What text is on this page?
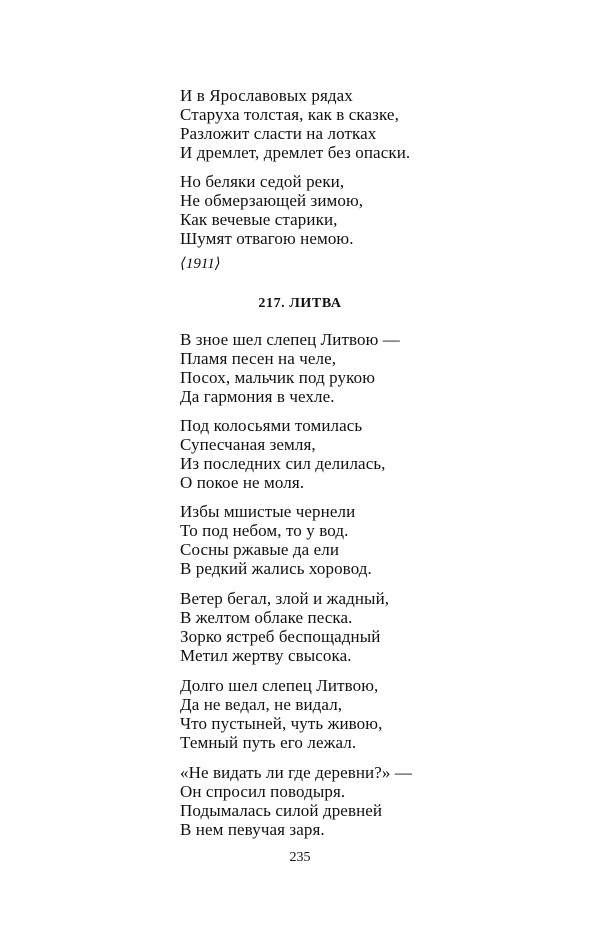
И в Ярославовых рядах
Старуха толстая, как в сказке,
Разложит сласти на лотках
И дремлет, дремлет без опаски.
Но беляки седой реки,
Не обмерзающей зимою,
Как вечевые старики,
Шумят отвагою немою.
⟨1911⟩
217. ЛИТВА
В зное шел слепец Литвою —
Пламя песен на челе,
Посох, мальчик под рукою
Да гармония в чехле.
Под колосьями томилась
Супесчаная земля,
Из последних сил делилась,
О покое не моля.
Избы мшистые чернели
То под небом, то у вод.
Сосны ржавые да ели
В редкий жались хоровод.
Ветер бегал, злой и жадный,
В желтом облаке песка.
Зорко ястреб беспощадный
Метил жертву свысока.
Долго шел слепец Литвою,
Да не ведал, не видал,
Что пустыней, чуть живою,
Темный путь его лежал.
«Не видать ли где деревни?» —
Он спросил поводыря.
Подымалась силой древней
В нем певучая заря.
235
